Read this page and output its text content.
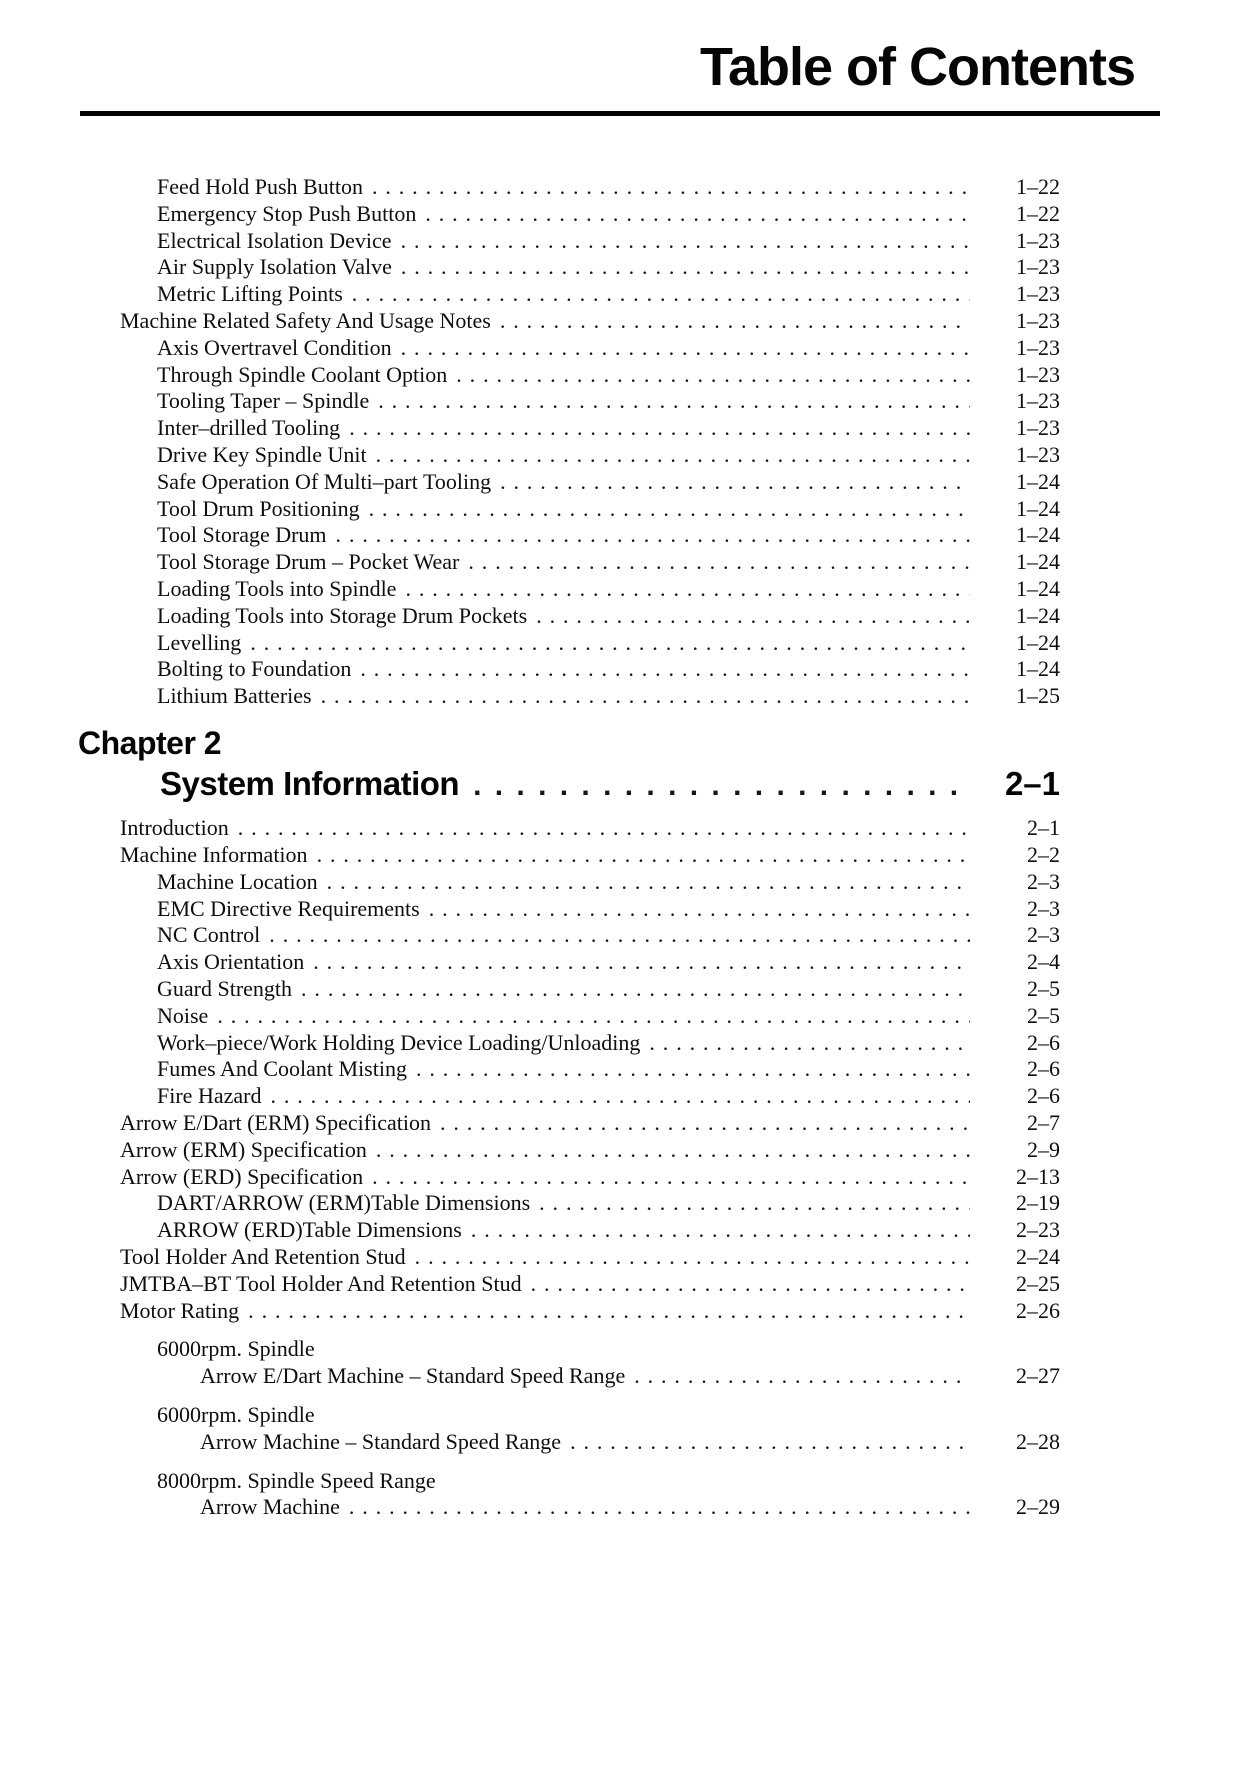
Table of Contents
Feed Hold Push Button . . .	1–22
Emergency Stop Push Button . . .	1–22
Electrical Isolation Device . . .	1–23
Air Supply Isolation Valve . . .	1–23
Metric Lifting Points . . .	1–23
Machine Related Safety And Usage Notes . . .	1–23
Axis Overtravel Condition . . .	1–23
Through Spindle Coolant Option . . .	1–23
Tooling Taper – Spindle . . .	1–23
Inter–drilled Tooling . . .	1–23
Drive Key Spindle Unit . . .	1–23
Safe Operation Of Multi–part Tooling . . .	1–24
Tool Drum Positioning . . .	1–24
Tool Storage Drum . . .	1–24
Tool Storage Drum – Pocket Wear . . .	1–24
Loading Tools into Spindle . . .	1–24
Loading Tools into Storage Drum Pockets . . .	1–24
Levelling . . .	1–24
Bolting to Foundation . . .	1–24
Lithium Batteries . . .	1–25
Chapter 2
System Information . . .	2–1
Introduction . . .	2–1
Machine Information . . .	2–2
Machine Location . . .	2–3
EMC Directive Requirements . . .	2–3
NC Control . . .	2–3
Axis Orientation . . .	2–4
Guard Strength . . .	2–5
Noise . . .	2–5
Work–piece/Work Holding Device Loading/Unloading . . .	2–6
Fumes And Coolant Misting . . .	2–6
Fire Hazard . . .	2–6
Arrow E/Dart (ERM) Specification . . .	2–7
Arrow (ERM) Specification . . .	2–9
Arrow (ERD) Specification . . .	2–13
DART/ARROW (ERM)Table Dimensions . . .	2–19
ARROW (ERD)Table Dimensions . . .	2–23
Tool Holder And Retention Stud . . .	2–24
JMTBA–BT Tool Holder And Retention Stud . . .	2–25
Motor Rating . . .	2–26
6000rpm. Spindle
Arrow E/Dart Machine – Standard Speed Range . . .	2–27
6000rpm. Spindle
Arrow Machine – Standard Speed Range . . .	2–28
8000rpm. Spindle Speed Range
Arrow Machine . . .	2–29
